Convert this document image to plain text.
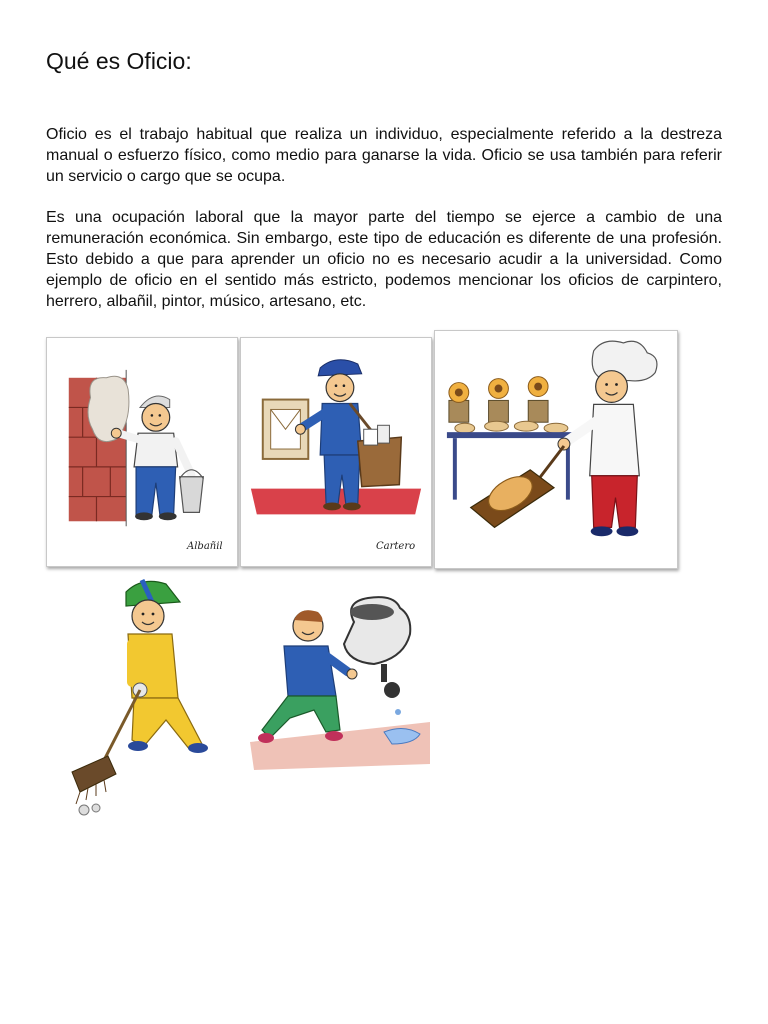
Qué es Oficio:

Oficio es el trabajo habitual que realiza un individuo, especialmente referido a la destreza manual o esfuerzo físico, como medio para ganarse la vida. Oficio se usa también para referir un servicio o cargo que se ocupa.

Es una ocupación laboral que la mayor parte del tiempo se ejerce a cambio de una remuneración económica. Sin embargo, este tipo de educación es diferente de una profesión. Esto debido a que para aprender un oficio no es necesario acudir a la universidad. Como ejemplo de oficio en el sentido más estricto, podemos mencionar los oficios de carpintero, herrero, albañil, pintor, músico, artesano, etc.

Albañil	Cartero
